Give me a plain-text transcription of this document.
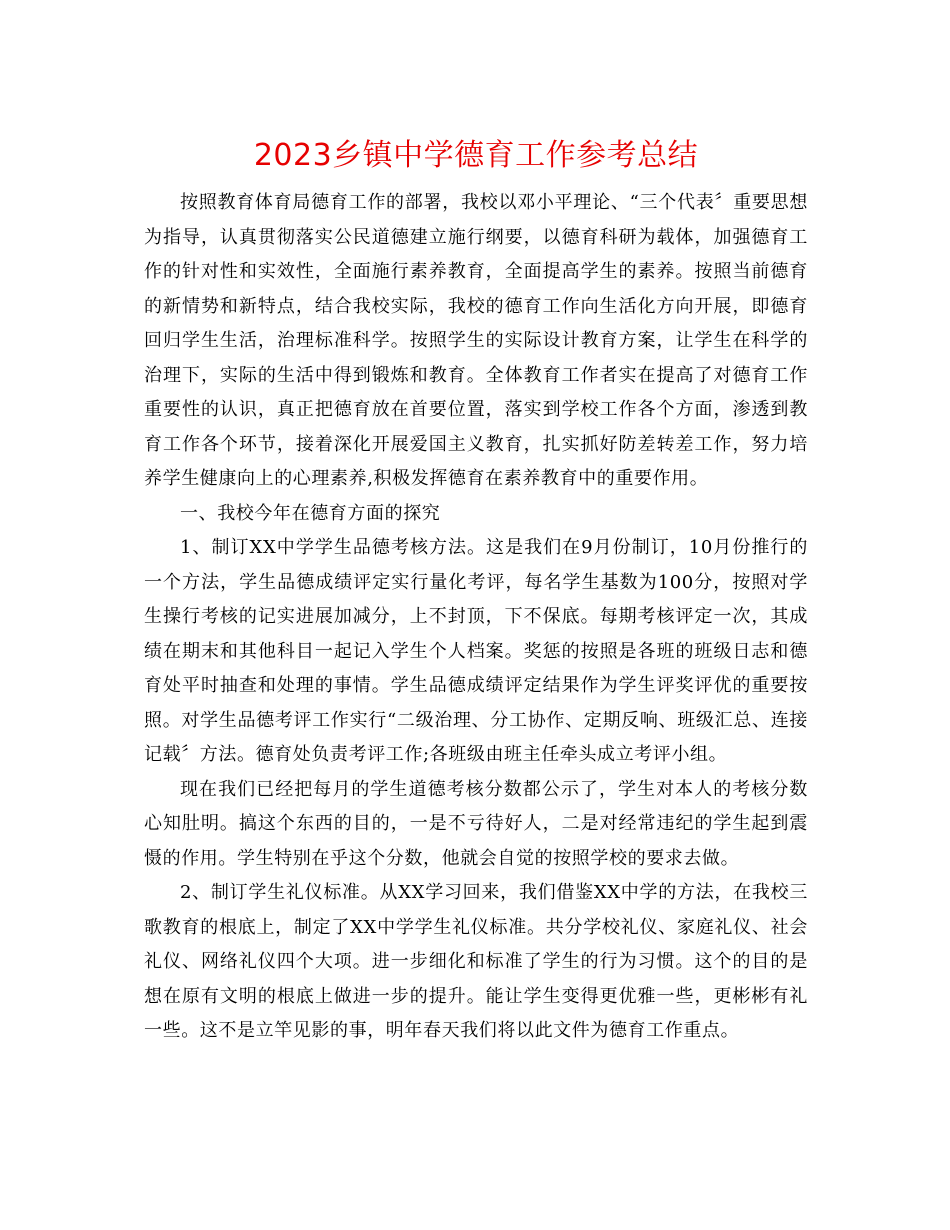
2023乡镇中学德育工作参考总结

按照教育体育局德育工作的部署，我校以邓小平理论、“三个代表〞重要思想为指导，认真贯彻落实公民道德建立施行纲要，以德育科研为载体，加强德育工作的针对性和实效性，全面施行素养教育，全面提高学生的素养。按照当前德育的新情势和新特点，结合我校实际，我校的德育工作向生活化方向开展，即德育回归学生生活，治理标准科学。按照学生的实际设计教育方案，让学生在科学的治理下，实际的生活中得到锻炼和教育。全体教育工作者实在提高了对德育工作重要性的认识，真正把德育放在首要位置，落实到学校工作各个方面，渗透到教育工作各个环节，接着深化开展爱国主义教育，扎实抓好防差转差工作，努力培养学生健康向上的心理素养,积极发挥德育在素养教育中的重要作用。

一、我校今年在德育方面的探究

1、制订XX中学学生品德考核方法。这是我们在9月份制订，10月份推行的一个方法，学生品德成绩评定实行量化考评，每名学生基数为100分，按照对学生操行考核的记实进展加减分，上不封顶，下不保底。每期考核评定一次，其成绩在期末和其他科目一起记入学生个人档案。奖惩的按照是各班的班级日志和德育处平时抽查和处理的事情。学生品德成绩评定结果作为学生评奖评优的重要按照。对学生品德考评工作实行“二级治理、分工协作、定期反响、班级汇总、连接记载〞方法。德育处负责考评工作;各班级由班主任牵头成立考评小组。

现在我们已经把每月的学生道德考核分数都公示了，学生对本人的考核分数心知肚明。搞这个东西的目的，一是不亏待好人，二是对经常违纪的学生起到震慑的作用。学生特别在乎这个分数，他就会自觉的按照学校的要求去做。

2、制订学生礼仪标准。从XX学习回来，我们借鉴XX中学的方法，在我校三歌教育的根底上，制定了XX中学学生礼仪标准。共分学校礼仪、家庭礼仪、社会礼仪、网络礼仪四个大项。进一步细化和标准了学生的行为习惯。这个的目的是想在原有文明的根底上做进一步的提升。能让学生变得更优雅一些，更彬彬有礼一些。这不是立竿见影的事，明年春天我们将以此文件为德育工作重点。
